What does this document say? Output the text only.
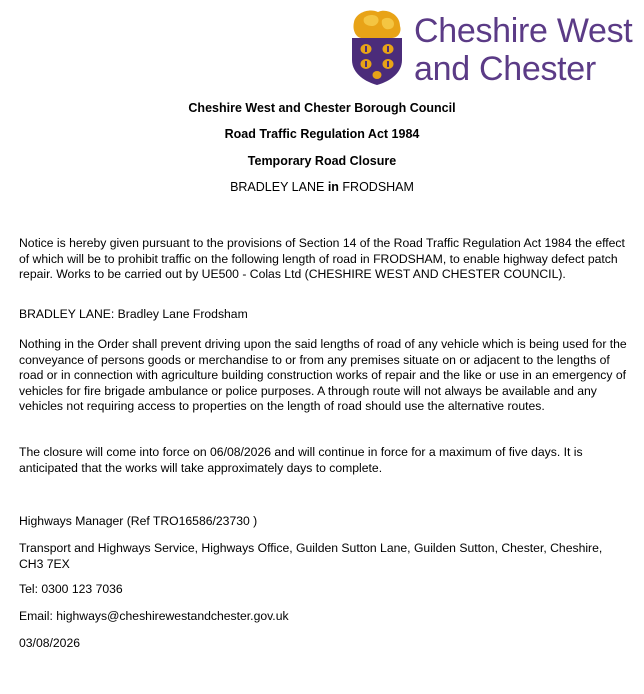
Cheshire West
and Chester
Cheshire West and Chester Borough Council
Road Traffic Regulation Act 1984
Temporary Road Closure
BRADLEY LANE in FRODSHAM

Notice is hereby given pursuant to the provisions of Section 14 of the Road Traffic Regulation Act 1984 the effect of which will be to prohibit traffic on the following length of road in FRODSHAM, to enable highway defect patch repair. Works to be carried out by UE500 - Colas Ltd (CHESHIRE WEST AND CHESTER COUNCIL).

BRADLEY LANE: Bradley Lane Frodsham

Nothing in the Order shall prevent driving upon the said lengths of road of any vehicle which is being used for the conveyance of persons goods or merchandise to or from any premises situate on or adjacent to the lengths of road or in connection with agriculture building construction works of repair and the like or use in an emergency of vehicles for fire brigade ambulance or police purposes. A through route will not always be available and any vehicles not requiring access to properties on the length of road should use the alternative routes.

The closure will come into force on 06/08/2026 and will continue in force for a maximum of five days. It is anticipated that the works will take approximately days to complete.

Highways Manager (Ref TRO16586/23730 )

Transport and Highways Service, Highways Office, Guilden Sutton Lane, Guilden Sutton, Chester, Cheshire, CH3 7EX

Tel: 0300 123 7036

Email: highways@cheshirewestandchester.gov.uk

03/08/2026
